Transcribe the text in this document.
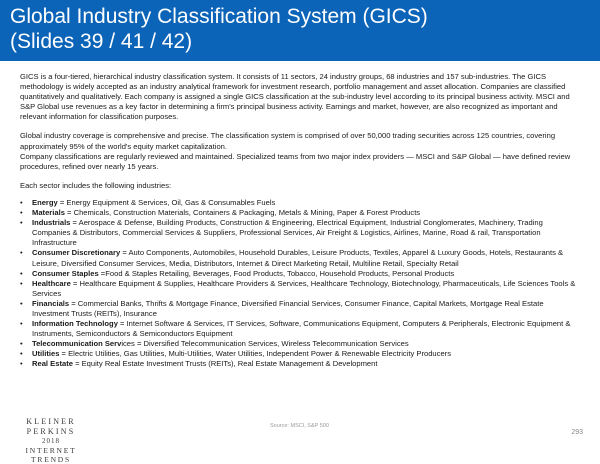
Global Industry Classification System (GICS)
(Slides 39 / 41 / 42)

GICS is a four-tiered, hierarchical industry classification system. It consists of 11 sectors, 24 industry groups, 68 industries and 157 sub-industries. The GICS methodology is widely accepted as an industry analytical framework for investment research, portfolio management and asset allocation. Companies are classified quantitatively and qualitatively. Each company is assigned a single GICS classification at the sub-industry level according to its principal business activity. MSCI and S&P Global use revenues as a key factor in determining a firm's principal business activity. Earnings and market, however, are also recognized as important and relevant information for classification purposes.

Global industry coverage is comprehensive and precise. The classification system is comprised of over 50,000 trading securities across 125 countries, covering approximately 95% of the world's equity market capitalization.

Company classifications are regularly reviewed and maintained. Specialized teams from two major index providers — MSCI and S&P Global — have defined review procedures, refined over nearly 15 years.

Each sector includes the following industries:

• Energy = Energy Equipment & Services, Oil, Gas & Consumables Fuels
• Materials = Chemicals, Construction Materials, Containers & Packaging, Metals & Mining, Paper & Forest Products
• Industrials = Aerospace & Defense, Building Products, Construction & Engineering, Electrical Equipment, Industrial Conglomerates, Machinery, Trading Companies & Distributors, Commercial Services & Suppliers, Professional Services, Air Freight & Logistics, Airlines, Marine, Road & rail, Transportation Infrastructure
• Consumer Discretionary = Auto Components, Automobiles, Household Durables, Leisure Products, Textiles, Apparel & Luxury Goods, Hotels, Restaurants & Leisure, Diversified Consumer Services, Media, Distributors, Internet & Direct Marketing Retail, Multiline Retail, Specialty Retail
• Consumer Staples =Food & Staples Retailing, Beverages, Food Products, Tobacco, Household Products, Personal Products
• Healthcare = Healthcare Equipment & Supplies, Healthcare Providers & Services, Healthcare Technology, Biotechnology, Pharmaceuticals, Life Sciences Tools & Services
• Financials = Commercial Banks, Thrifts & Mortgage Finance, Diversified Financial Services, Consumer Finance, Capital Markets, Mortgage Real Estate Investment Trusts (REITs), Insurance
• Information Technology = Internet Software & Services, IT Services, Software, Communications Equipment, Computers & Peripherals, Electronic Equipment & Instruments, Semiconductors & Semiconductors Equipment
• Telecommunication Services = Diversified Telecommunication Services, Wireless Telecommunication Services
• Utilities = Electric Utilities, Gas Utilities, Multi-Utilities, Water Utilities, Independent Power & Renewable Electricity Producers
• Real Estate = Equity Real Estate Investment Trusts (REITs), Real Estate Management & Development
KLEINER PERKINS
2018
INTERNET TRENDS
Source: MSCI, S&P 500
293
